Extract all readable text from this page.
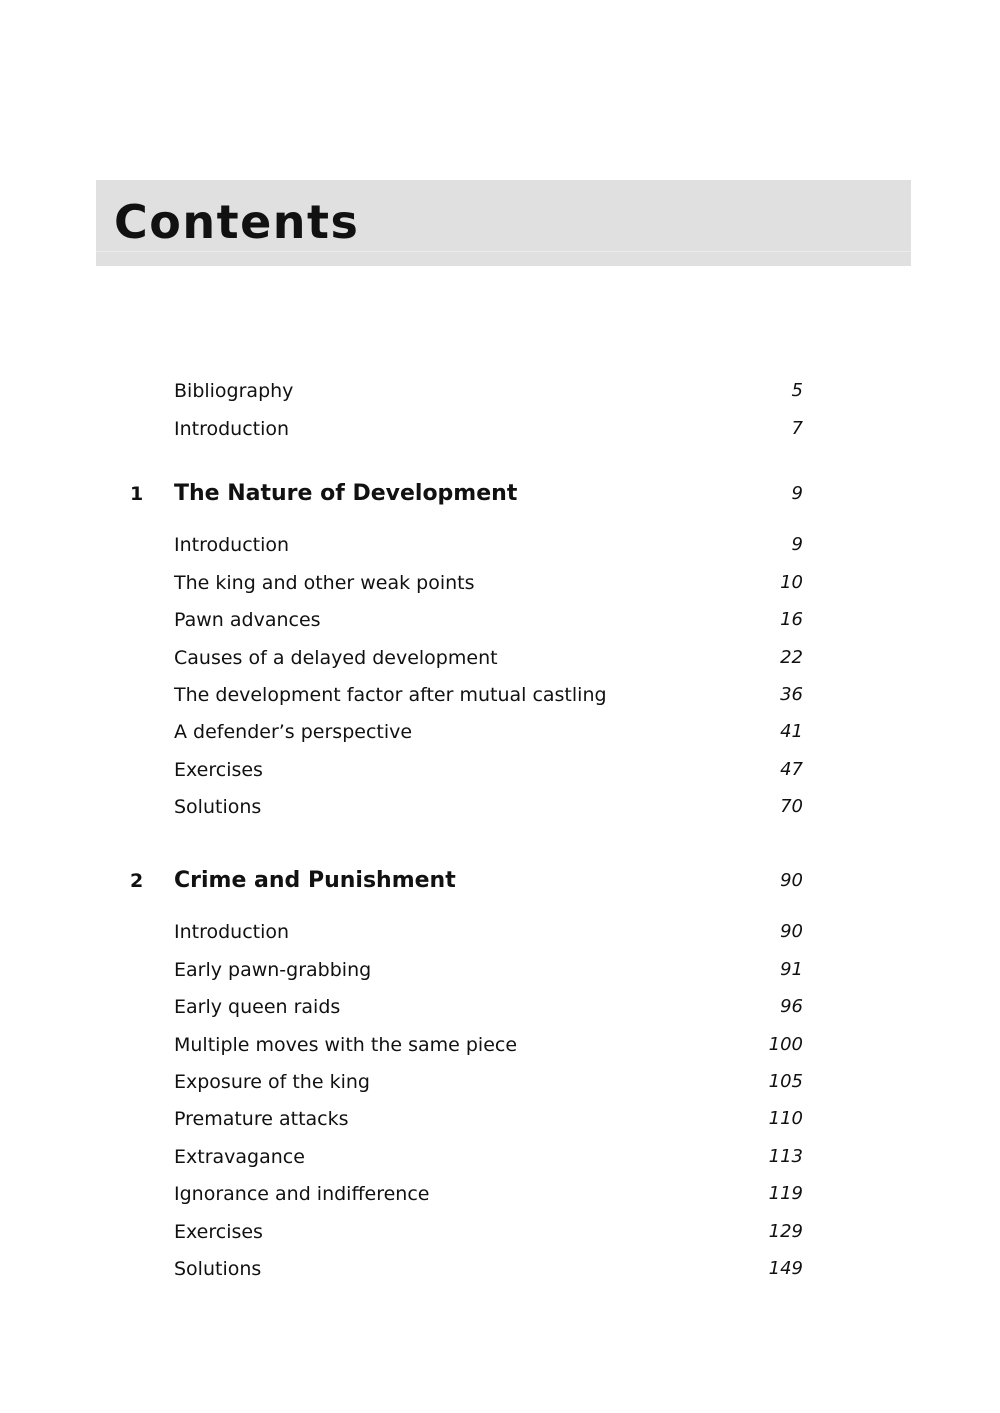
Contents
Bibliography	5
Introduction	7
1 The Nature of Development	9
Introduction	9
The king and other weak points	10
Pawn advances	16
Causes of a delayed development	22
The development factor after mutual castling	36
A defender’s perspective	41
Exercises	47
Solutions	70
2 Crime and Punishment	90
Introduction	90
Early pawn-grabbing	91
Early queen raids	96
Multiple moves with the same piece	100
Exposure of the king	105
Premature attacks	110
Extravagance	113
Ignorance and indifference	119
Exercises	129
Solutions	149
